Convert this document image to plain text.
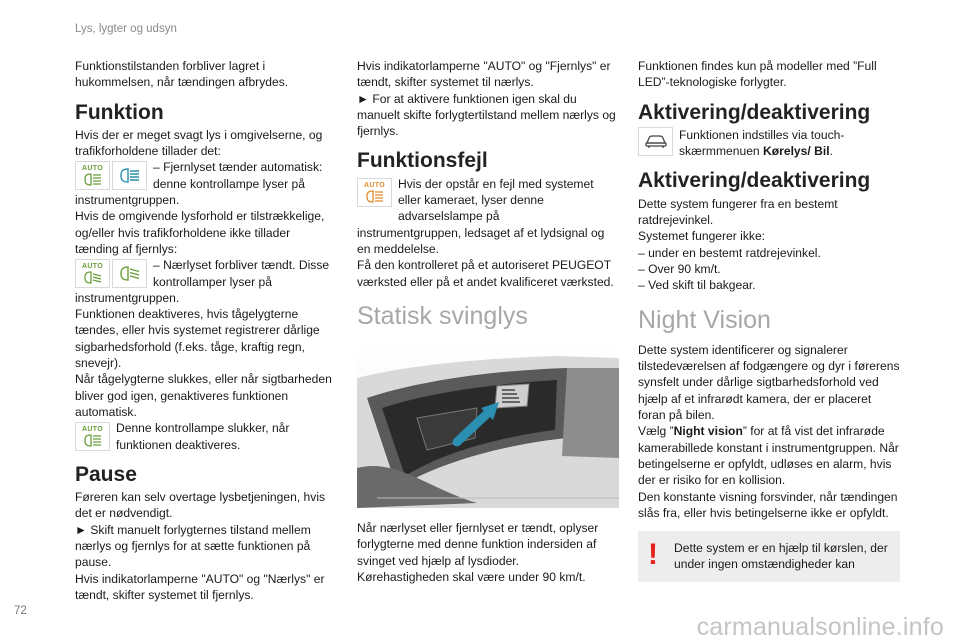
Lys, lygter og udsyn

Funktionstilstanden forbliver lagret i hukommelsen, når tændingen afbrydes.

Funktion

Hvis der er meget svagt lys i omgivelserne, og trafikforholdene tillader det:

AUTO	– Fjernlyset tænder automatisk: denne kontrollampe lyser på

instrumentgruppen.

Hvis de omgivende lysforhold er tilstrækkelige, og/eller hvis trafikforholdene ikke tillader tænding af fjernlys:

AUTO	– Nærlyset forbliver tændt. Disse kontrollamper lyser på

instrumentgruppen.

Funktionen deaktiveres, hvis tågelygterne tændes, eller hvis systemet registrerer dårlige sigbarhedsforhold (f.eks. tåge, kraftig regn, snevejr).

Når tågelygterne slukkes, eller når sigtbarheden bliver god igen, genaktiveres funktionen automatisk.

AUTO Denne kontrollampe slukker, når funktionen deaktiveres.
Pause

Føreren kan selv overtage lysbetjeningen, hvis det er nødvendigt.

► Skift manuelt forlygternes tilstand mellem nærlys og fjernlys for at sætte funktionen på pause.

Hvis indikatorlamperne "AUTO" og "Nærlys" er tændt, skifter systemet til fjernlys.

Hvis indikatorlamperne "AUTO" og "Fjernlys" er tændt, skifter systemet til nærlys.

► For at aktivere funktionen igen skal du manuelt skifte forlygtertilstand mellem nærlys og fjernlys.

Funktionsfejl
AUTO Hvis der opstår en fejl med systemet eller kameraet, lyser denne advarselslampe på

instrumentgruppen, ledsaget af et lydsignal og en meddelelse.

Få den kontrolleret på et autoriseret PEUGEOT værksted eller på et andet kvalificeret værksted.

Statisk svinglys

Når nærlyset eller fjernlyset er tændt, oplyser forlygterne med denne funktion indersiden af svinget ved hjælp af lysdioder.

Kørehastigheden skal være under 90 km/t.

Funktionen findes kun på modeller med ”Full LED”-teknologiske forlygter.

Aktivering/deaktivering
Funktionen indstilles via touch-skærmmenuen Kørelys/ Bil.
Aktivering/deaktivering

Dette system fungerer fra en bestemt ratdrejevinkel.

Systemet fungerer ikke:

– under en bestemt ratdrejevinkel.

– Over 90 km/t.

– Ved skift til bakgear.

Night Vision

Dette system identificerer og signalerer tilstedeværelsen af fodgængere og dyr i førerens synsfelt under dårlige sigtbarhedsforhold ved hjælp af et infrarødt kamera, der er placeret foran på bilen.

Vælg ”Night vision” for at få vist det infrarøde kamerabillede konstant i instrumentgruppen. Når betingelserne er opfyldt, udløses en alarm, hvis der er risiko for en kollision.

Den konstante visning forsvinder, når tændingen slås fra, eller hvis betingelserne ikke er opfyldt.

!	Dette system er en hjælp til kørslen, der under ingen omstændigheder kan
72
carmanualsonline.info
